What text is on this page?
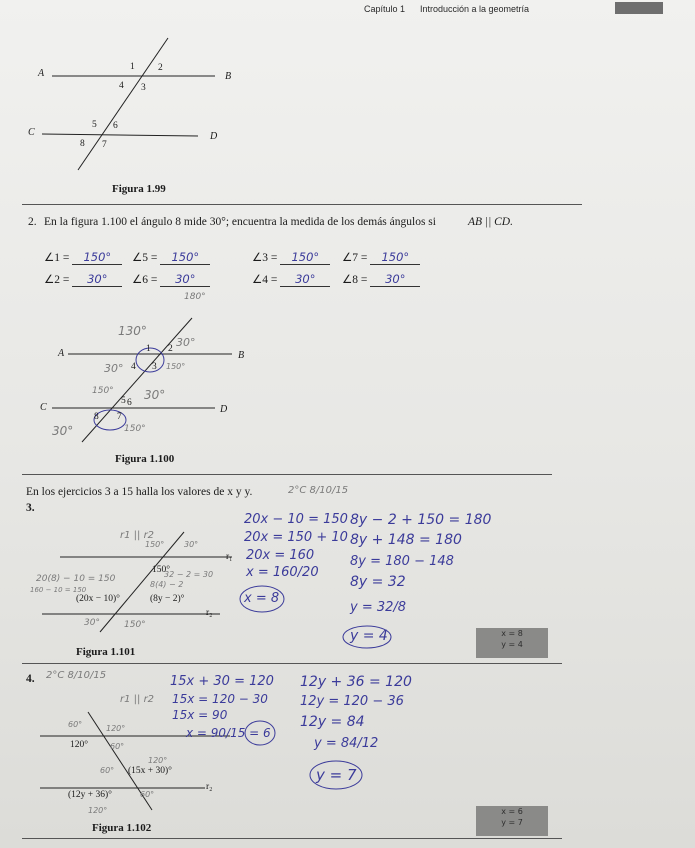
Capítulo 1 Introducción a la geometría
A	B
C	D
1 2
3
4
5 6
7
8
Figura 1.99
2. En la figura 1.100 el ángulo 8 mide 30°; encuentra la medida de los demás ángulos si	AB || CD.
∠1 = 150°	∠5 = 150°	∠3 = 150°	∠7 = 150°
∠2 = 30°	∠6 = 30°	∠4 = 30°	∠8 = 30°
A	B
C	D
180°
130°
30°
30°	150°
150°	30°
150°
30°
1 2
4 3
5 6
8 7
Figura 1.100
En los ejercicios 3 a 15 halla los valores de x y y.	2°C 8/10/15
3.
r1 || r2
150°
(20x − 10)°	(8y − 2)°
r₁
r₂
150° 30°
20(8) − 10 = 150
8(4) − 2
32 − 2 = 30
160 − 10 = 150
30°	150°
20x − 10 = 150
20x = 150 + 10
20x = 160
x = 160/20
x = 8
8y − 2 + 150 = 180
8y + 148 = 180
8y = 180 − 148
8y = 32
y = 32/8
y = 4	x = 8
y = 4
Figura 1.101
4. 2°C 8/10/15
r1 || r2
120°
(15x + 30)°
(12y + 36)°
r₂
60°	120°
60°
60°
120°
60°
120°
15x + 30 = 120
15x = 120 − 30
15x = 90
x = 90/15 = 6
12y + 36 = 120
12y = 120 − 36
12y = 84
y = 84/12
y = 7
x = 6
y = 7
Figura 1.102
